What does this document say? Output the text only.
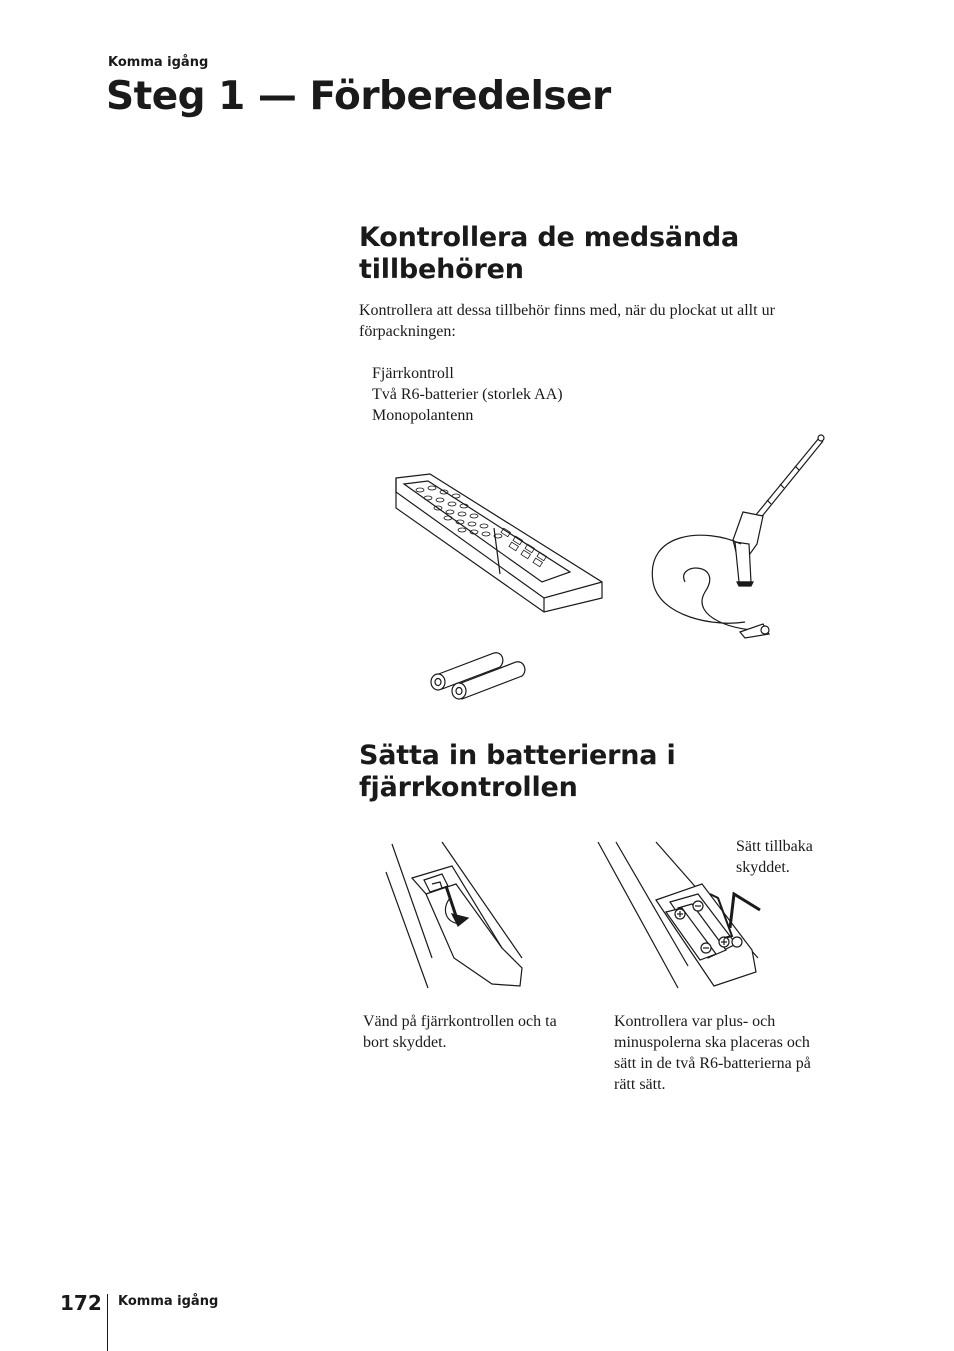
Komma igång
Steg 1 — Förberedelser
Kontrollera de medsända tillbehören

Kontrollera att dessa tillbehör finns med, när du plockat ut allt ur förpackningen:

Fjärrkontroll
Två R6-batterier (storlek AA)
Monopolantenn
Sätta in batterierna i fjärrkontrollen

Sätt tillbaka skyddet.

Vänd på fjärrkontrollen och ta bort skyddet.

Kontrollera var plus- och minuspolerna ska placeras och sätt in de två R6-batterierna på rätt sätt.

172 Komma igång
